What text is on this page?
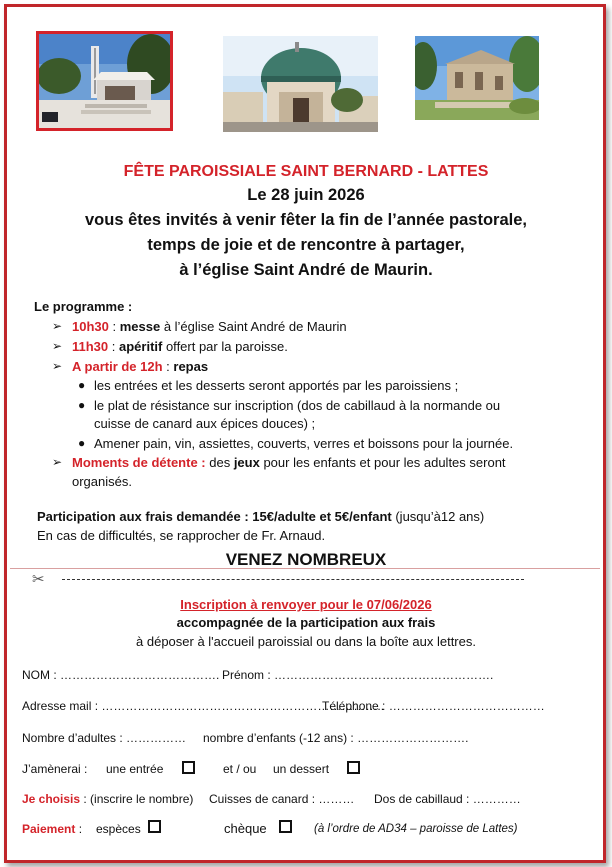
FÊTE PAROISSIALE SAINT BERNARD - LATTES
Le 28 juin 2026
vous êtes invités à venir fêter la fin de l’année pastorale,
temps de joie et de rencontre à partager,
à l’église Saint André de Maurin.
Le programme :
➢ 10h30 : messe à l’église Saint André de Maurin
➢ 11h30 : apéritif offert par la paroisse.
➢ A partir de 12h : repas
● les entrées et les desserts seront apportés par les paroissiens ;
● le plat de résistance sur inscription (dos de cabillaud à la normande ou
cuisse de canard aux épices douces) ;
● Amener pain, vin, assiettes, couverts, verres et boissons pour la journée.
➢ Moments de détente : des jeux pour les enfants et pour les adultes seront
organisés.
Participation aux frais demandée : 15€/adulte et 5€/enfant (jusqu’à12 ans)
En cas de difficultés, se rapprocher de Fr. Arnaud.
VENEZ NOMBREUX
✂
Inscription à renvoyer pour le 07/06/2026
accompagnée de la participation aux frais
à déposer à l'accueil paroissial ou dans la boîte aux lettres.
NOM : …………………………………. Prénom : ……………………………………………….
Adresse mail : ……………………………………………………………..
Téléphone : …………………………………
Nombre d’adultes : …………… nombre d’enfants (-12 ans) : ……………………….
J’amènerai : une entrée	et / ou un dessert
Je choisis : (inscrire le nombre) Cuisses de canard : ……… Dos de cabillaud : …………
Paiement : espèces	chèque	(à l’ordre de AD34 – paroisse de Lattes)
